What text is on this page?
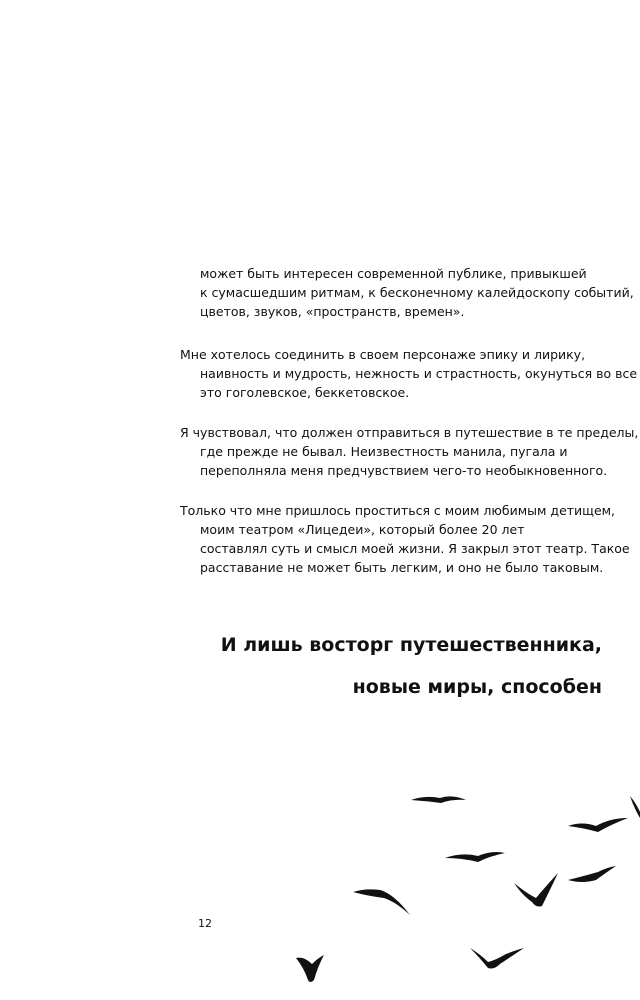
может быть интересен современной публике, привыкшей
к сумасшедшим ритмам, к бесконечному калейдоскопу событий,
цветов, звуков, «пространств, времен».
Мне хотелось соединить в своем персонаже эпику и лирику,
наивность и мудрость, нежность и страстность, окунуться во все
это гоголевское, беккетовское.
Я чувствовал, что должен отправиться в путешествие в те пределы,
где прежде не бывал. Неизвестность манила, пугала и
переполняла меня предчувствием чего-то необыкновенного.
Только что мне пришлось проститься с моим любимым детищем,
моим театром «Лицедеи», который более 20 лет
составлял суть и смысл моей жизни. Я закрыл этот театр. Такое
расставание не может быть легким, и оно не было таковым.
И лишь восторг путешественника,
новые миры, способен
12
